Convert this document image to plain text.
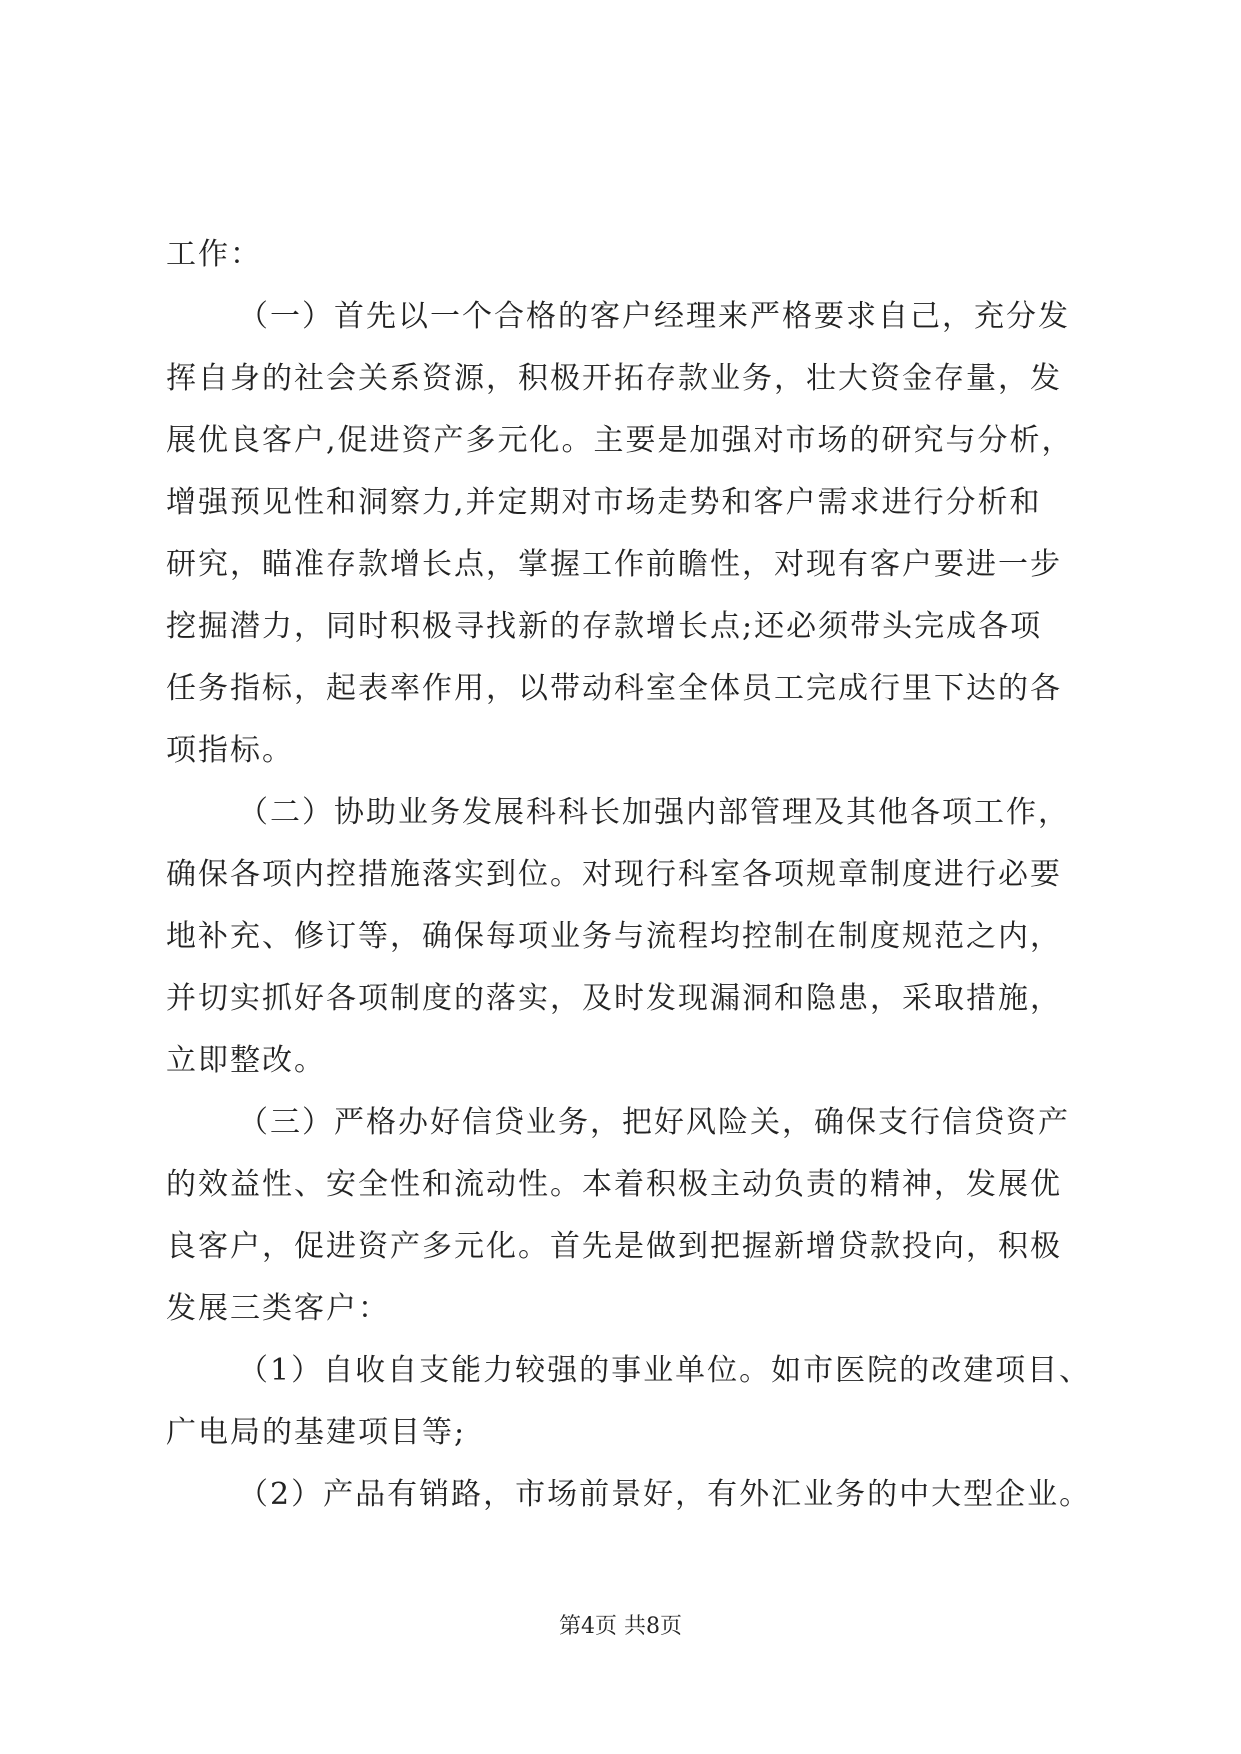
工作：
（一）首先以一个合格的客户经理来严格要求自己，充分发
挥自身的社会关系资源，积极开拓存款业务，壮大资金存量，发
展优良客户,促进资产多元化。主要是加强对市场的研究与分析，
增强预见性和洞察力,并定期对市场走势和客户需求进行分析和
研究，瞄准存款增长点，掌握工作前瞻性，对现有客户要进一步
挖掘潜力，同时积极寻找新的存款增长点;还必须带头完成各项
任务指标，起表率作用，以带动科室全体员工完成行里下达的各
项指标。
（二）协助业务发展科科长加强内部管理及其他各项工作，
确保各项内控措施落实到位。对现行科室各项规章制度进行必要
地补充、修订等，确保每项业务与流程均控制在制度规范之内，
并切实抓好各项制度的落实，及时发现漏洞和隐患，采取措施，
立即整改。
（三）严格办好信贷业务，把好风险关，确保支行信贷资产
的效益性、安全性和流动性。本着积极主动负责的精神，发展优
良客户，促进资产多元化。首先是做到把握新增贷款投向，积极
发展三类客户：
（1）自收自支能力较强的事业单位。如市医院的改建项目、
广电局的基建项目等;
（2）产品有销路，市场前景好，有外汇业务的中大型企业。
第4页 共8页
